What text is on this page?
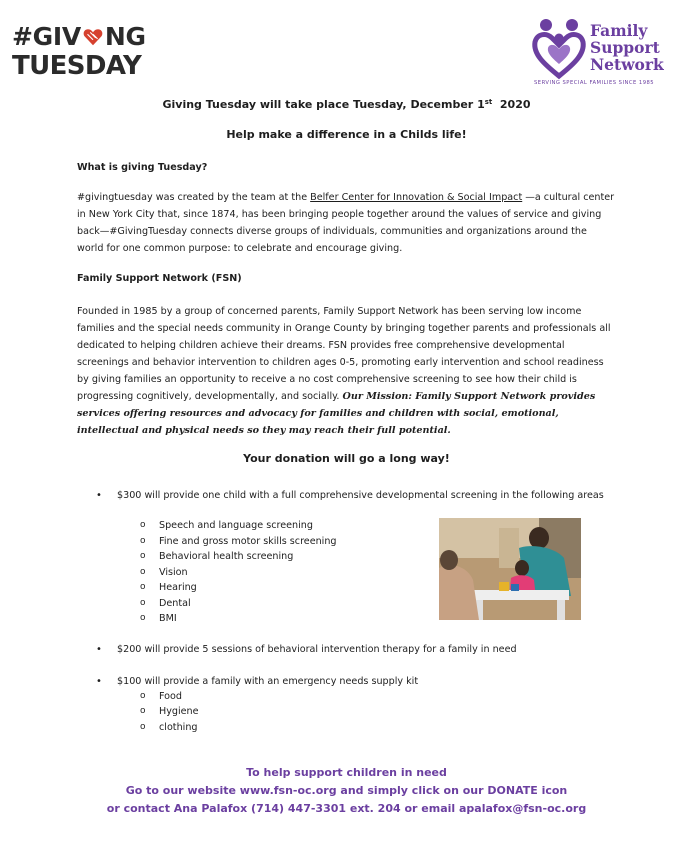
#GIV NG
TUESDAY
Family
Support
Network
SERVING SPECIAL FAMILIES SINCE 1985
Giving Tuesday will take place Tuesday, December 1st  2020
Help make a difference in a Childs life!

What is giving Tuesday?

#givingtuesday was created by the team at the Belfer Center for Innovation & Social Impact —a cultural center in New York City that, since 1874, has been bringing people together around the values of service and giving back—#GivingTuesday connects diverse groups of individuals, communities and organizations around the world for one common purpose: to celebrate and encourage giving.

Family Support Network (FSN)

Founded in 1985 by a group of concerned parents, Family Support Network has been serving low income families and the special needs community in Orange County by bringing together parents and professionals all dedicated to helping children achieve their dreams. FSN provides free comprehensive developmental screenings and behavior intervention to children ages 0-5, promoting early intervention and school readiness by giving families an opportunity to receive a no cost comprehensive screening to see how their child is progressing cognitively, developmentally, and socially. Our Mission: Family Support Network provides services offering resources and advocacy for families and children with social, emotional, intellectual and physical needs so they may reach their full potential.

Your donation will go a long way!
• $300 will provide one child with a full comprehensive developmental screening in the following areas
o Speech and language screening
o Fine and gross motor skills screening
o Behavioral health screening
o Vision
o Hearing
o Dental
o BMI
• $200 will provide 5 sessions of behavioral intervention therapy for a family in need
• $100 will provide a family with an emergency needs supply kit
o Food
o Hygiene
o clothing
To help support children in need
Go to our website www.fsn-oc.org and simply click on our DONATE icon
or contact Ana Palafox (714) 447-3301 ext. 204 or email apalafox@fsn-oc.org
